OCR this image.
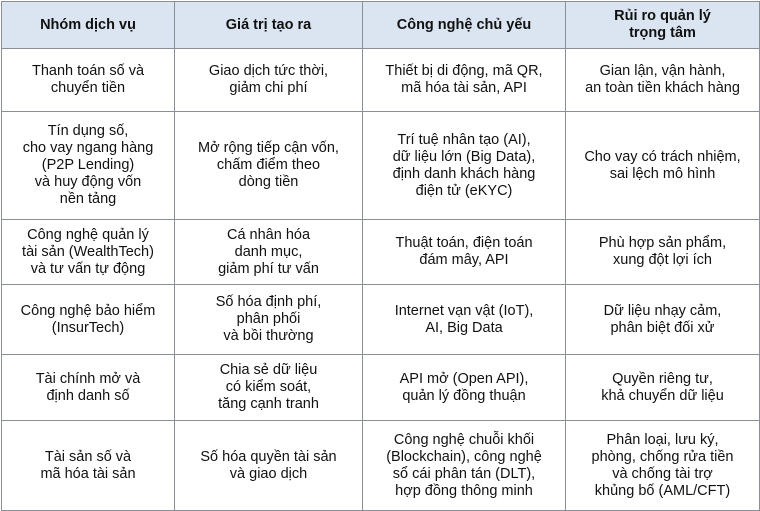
Nhóm dịch vụ	Giá trị tạo ra	Công nghệ chủ yếu	Rủi ro quản lý
trọng tâm

Thanh toán số và
chuyển tiền	Giao dịch tức thời,
giảm chi phí	Thiết bị di động, mã QR,
mã hóa tài sản, API	Gian lận, vận hành,
an toàn tiền khách hàng

Tín dụng số,
cho vay ngang hàng
(P2P Lending)
và huy động vốn
nền tảng	Mở rộng tiếp cận vốn,
chấm điểm theo
dòng tiền	Trí tuệ nhân tạo (AI),
dữ liệu lớn (Big Data),
định danh khách hàng
điện tử (eKYC)	Cho vay có trách nhiệm,
sai lệch mô hình

Công nghệ quản lý
tài sản (WealthTech)
và tư vấn tự động	Cá nhân hóa
danh mục,
giảm phí tư vấn	Thuật toán, điện toán
đám mây, API	Phù hợp sản phẩm,
xung đột lợi ích

Công nghệ bảo hiểm
(InsurTech)	Số hóa định phí,
phân phối
và bồi thường	Internet vạn vật (IoT),
AI, Big Data	Dữ liệu nhạy cảm,
phân biệt đối xử

Tài chính mở và
định danh số	Chia sẻ dữ liệu
có kiểm soát,
tăng cạnh tranh	API mở (Open API),
quản lý đồng thuận	Quyền riêng tư,
khả chuyển dữ liệu

Tài sản số và
mã hóa tài sản	Số hóa quyền tài sản
và giao dịch	Công nghệ chuỗi khối
(Blockchain), công nghệ
sổ cái phân tán (DLT),
hợp đồng thông minh	Phân loại, lưu ký,
phòng, chống rửa tiền
và chống tài trợ
khủng bố (AML/CFT)
